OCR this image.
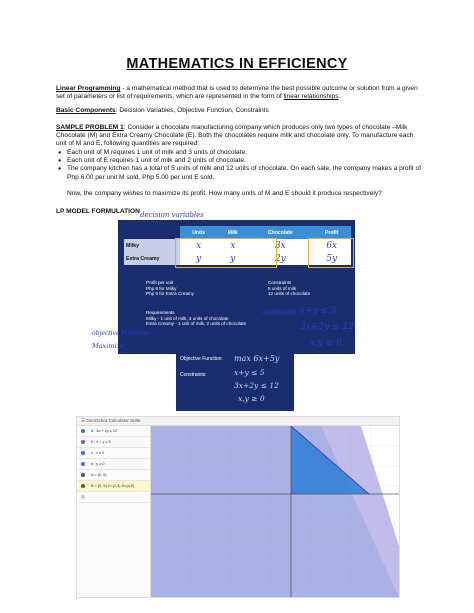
MATHEMATICS IN EFFICIENCY
Linear Programming - a mathematical method that is used to determine the best possible outcome or solution from a given set of parameters or list of requirements, which are represented in the form of linear relationships.
Basic Components: Decision Variables, Objective Function, Constraints
SAMPLE PROBLEM 1: Consider a chocolate manufacturing company which produces only two types of chocolate –Milk Chocolate (M) and Extra Creamy Chocolate (E). Both the chocolates require milk and chocolate only. To manufacture each unit of M and E, following quantities are required:
● Each unit of M requires 1 unit of milk and 3 units of chocolate.
● Each unit of E requires 1 unit of milk and 2 units of chocolate.
● The company kitchen has a total of 5 units of milk and 12 units of chocolate. On each sale, the company makes a profit of Php 6.00 per unit M sold, Php 5.00 per unit E sold.
Now, the company wishes to maximize its profit. How many units of M and E should it produce respectively?
LP MODEL FORMULATION
	Units	Milk	Chocolate	Profit
Milky	x	x	3x	6x
Extra Creamy	y	y	2y	5y
Profit per unit
Php 6 for Milky
Php 5 for Extra Creamy
Constraints
5 units of milk
12 units of chocolate
Requirements
Milky - 1 unit of milk, 3 units of chocolate
Extra Creamy - 1 unit of milk, 2 units of chocolate
decision variables
objective Function
Maximize
constraints x+y ≤ 5
3x+2y ≤ 12
x,y ≥ 0
Objective Function: max 6x+5y
Constraints:	x+y ≤ 5
3x+2y ≤ 12
x,y ≥ 0
☰ GeoGebra Calculator Suite
a : 3x + 2y ≤ 12
b : x + y ≤ 5
c : x ≥ 0
d : y ≥ 0
A = (0, 0)
B = (0, 5) C=(2,3) D=(4,0)
